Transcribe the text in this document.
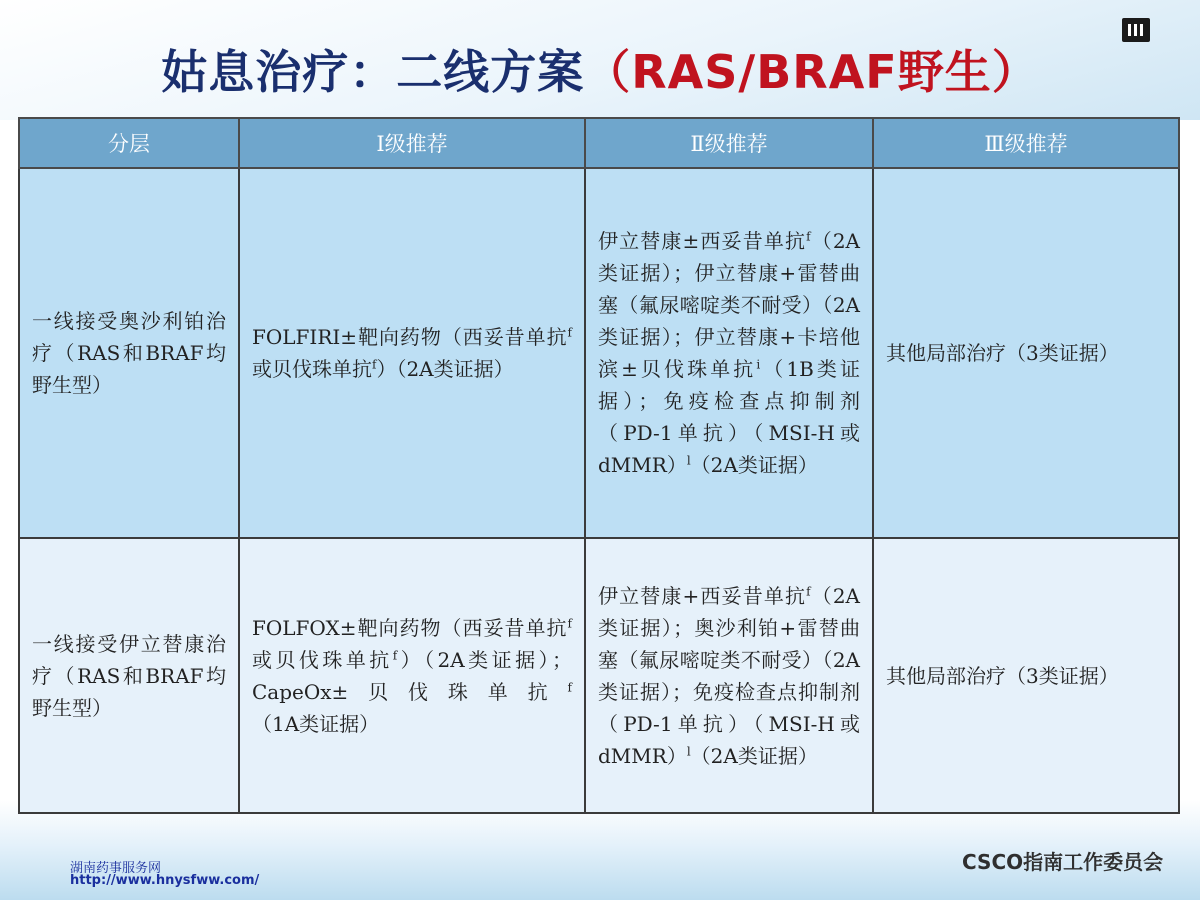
姑息治疗：二线方案（RAS/BRAF野生）
分层	Ⅰ级推荐	Ⅱ级推荐	Ⅲ级推荐

一线接受奥沙利铂治疗（RAS和BRAF均野生型）	FOLFIRI±靶向药物（西妥昔单抗$^f$或贝伐珠单抗$^f$）（2A类证据）	伊立替康±西妥昔单抗$^f$（2A类证据）；伊立替康+雷替曲塞（氟尿嘧啶类不耐受）（2A类证据）；伊立替康+卡培他滨±贝伐珠单抗$^i$（1B类证据）；免疫检查点抑制剂（PD-1单抗）（MSI-H或dMMR）$^l$（2A类证据）	其他局部治疗（3类证据）

一线接受伊立替康治疗（RAS和BRAF均野生型）	FOLFOX±靶向药物（西妥昔单抗$^f$或贝伐珠单抗$^f$）（2A类证据）；CapeOx±贝伐珠单抗$^f$（1A类证据）	伊立替康+西妥昔单抗$^f$（2A类证据）；奥沙利铂+雷替曲塞（氟尿嘧啶类不耐受）（2A类证据）；免疫检查点抑制剂（PD-1单抗）（MSI-H或dMMR）$^l$（2A类证据）	其他局部治疗（3类证据）
湖南药事服务网
http://www.hnysfww.com/
CSCO指南工作委员会
